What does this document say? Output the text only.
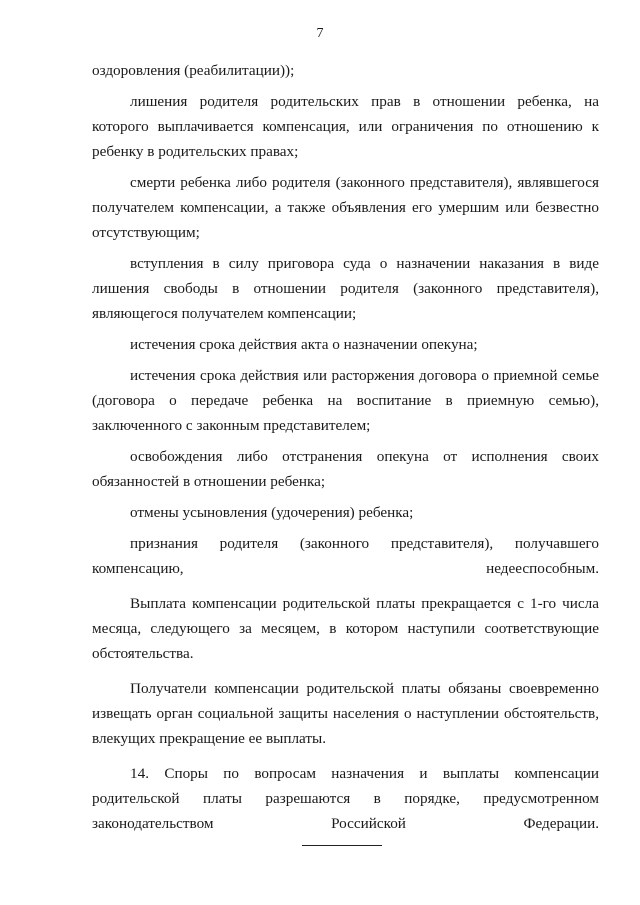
7

оздоровления (реабилитации));

лишения родителя родительских прав в отношении ребенка, на которого выплачивается компенсация, или ограничения по отношению к ребенку в родительских правах;

смерти ребенка либо родителя (законного представителя), являвшегося получателем компенсации, а также объявления его умершим или безвестно отсутствующим;

вступления в силу приговора суда о назначении наказания в виде лишения свободы в отношении родителя (законного представителя), являющегося получателем компенсации;

истечения срока действия акта о назначении опекуна;

истечения срока действия или расторжения договора о приемной семье (договора о передаче ребенка на воспитание в приемную семью), заключенного с законным представителем;

освобождения либо отстранения опекуна от исполнения своих обязанностей в отношении ребенка;

отмены усыновления (удочерения) ребенка;

признания родителя (законного представителя), получавшего компенсацию, недееспособным.

Выплата компенсации родительской платы прекращается с 1-го числа месяца, следующего за месяцем, в котором наступили соответствующие обстоятельства.

Получатели компенсации родительской платы обязаны своевременно извещать орган социальной защиты населения о наступлении обстоятельств, влекущих прекращение ее выплаты.

14. Споры по вопросам назначения и выплаты компенсации родительской платы разрешаются в порядке, предусмотренном законодательством Российской Федерации.
